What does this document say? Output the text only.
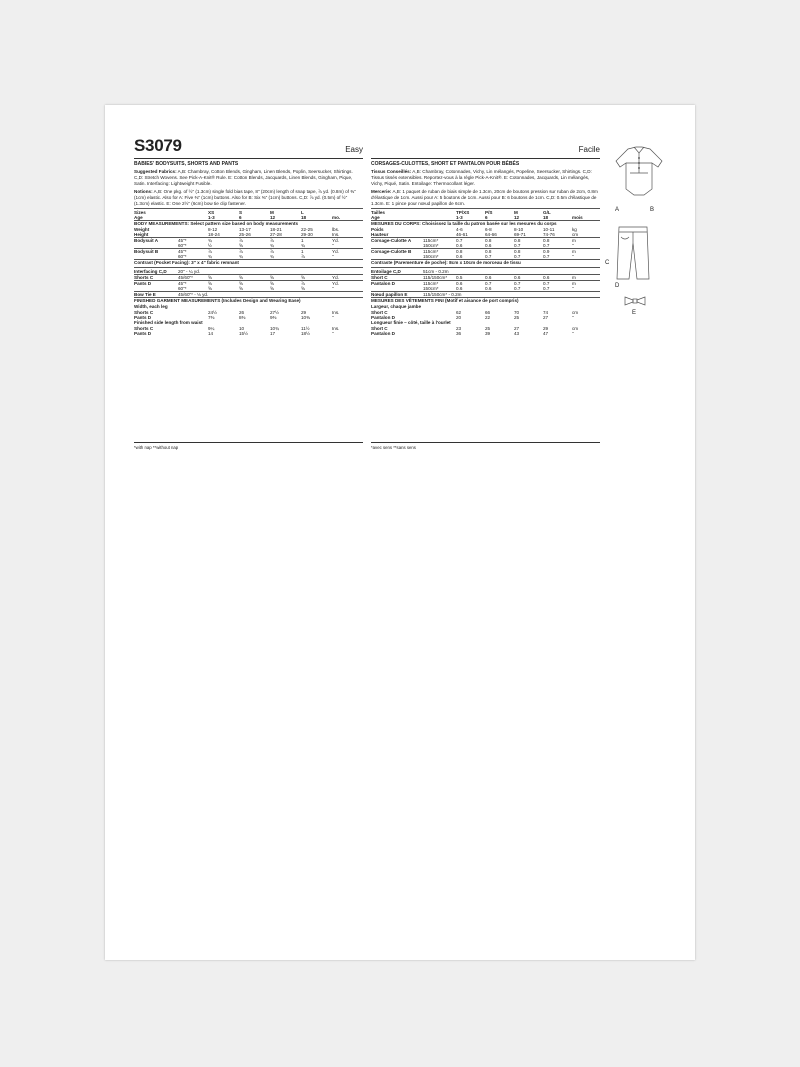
S3079	Easy
BABIES' BODYSUITS, SHORTS AND PANTS
Suggested Fabrics: A,B: Chambray, Cotton Blends, Gingham, Linen Blends, Poplin, Seersucker, Shirtings. C,D: Stretch Wovens. See Pick-A-Knit® Rule. E: Cotton Blends, Jacquards, Linen Blends, Gingham, Pique, Satin. Interfacing: Lightweight Fusible.
Notions: A,B: One pkg. of ½" (1.3cm) single fold bias tape, 8" (20cm) length of snap tape, ⅞ yd. (0.8m) of ⅜" (1cm) elastic. Also for A: Five ⅜" (1cm) buttons. Also for B: Six ⅜" (1cm) buttons. C,D: ⅞ yd. (0.5m) of ½" (1.3cm) elastic. E: One 2½" (6cm) bow tie clip fastener.
Sizes		XS	S	M	L	
Age		1-3	6	12	18	mo.
BODY MEASUREMENTS: Select pattern size based on body measurements
Weight		8-12	13-17	18-21	22-25	lbs.
Height		18-24	25-26	27-28	29-30	Ins.
Bodysuit A	45"*	¾	⅞	⅞	1	Yd.
	60"*	½	⅝	¾	¾	"
Bodysuit B	45"*	⅞	⅞	⅞	1	Yd.
	60"*	¾	¾	¾	⅞	"
Contrast (Pocket Facing): 3" x 4" fabric remnant
Interfacing C,D	20" - ¼ yd.
Shorts C	45/60"*	⅝	⅝	⅝	⅝	Yd.
Pants D	45"*	⅝	⅝	⅝	⅞	Yd.
	60"*	⅝	⅝	⅝	⅝	"
Bow Tie E	45/60"* - ⅛ yd.
FINISHED GARMENT MEASUREMENTS (Includes Design and Wearing Ease)
Width, each leg
Shorts C		24½	26	27½	29	Ins.
Pants D		7⅜	8⅜	9⅜	10⅜	"
Finished side length from waist
Shorts C		9¼	10	10¾	11½	Ins.
Pants D		14	15½	17	18½	"
Facile
CORSAGES-CULOTTES, SHORT ET PANTALON POUR BÉBÉS
Tissus Conseillés: A,B: Chambray, Cotonnades, Vichy, Lin mélangés, Popeline, Seersucker, Shirtings. C,D: Tissus tissés extensibles. Reportez-vous à la règle Pick-A-Knit®. E: Cotonnades, Jacquards, Lin mélangés, Vichy, Piqué, Satin. Entoilage: Thermocollant léger.
Mercerie: A,B: 1 paquet de ruban de biais simple de 1.3cm, 20cm de boutons pression sur ruban de 2cm, 0.8m d'élastique de 1cm. Aussi pour A: 5 boutons de 1cm. Aussi pour B: 6 boutons de 1cm. C,D: 0.5m d'élastique de 1.3cm. E: 1 pince pour nœud papillon de 6cm.
Tailles		TP/XS	P/S	M	G/L	
Age		1-3	6	12	18	mois
MESURES DU CORPS: Choisissez la taille du patron basée sur les mesures du corps
Poids		4-6	6-8	8-10	10-11	kg
Hauteur		46-61	64-66	69-71	74-76	cm
Corsage-Culotte A	115cm*	0.7	0.8	0.8	0.8	m
	150cm*	0.6	0.6	0.7	0.7	"
Corsage-Culotte B	115cm*	0.8	0.8	0.8	0.9	m
	150cm*	0.6	0.7	0.7	0.7	"
Contraste (Parementure de poche): 8cm x 10cm de morceau de tissu
Entoilage C,D	51cm - 0.2m
Short C	115/150cm*	0.5	0.6	0.6	0.6	m
Pantalon D	115cm*	0.6	0.7	0.7	0.7	m
	150cm*	0.6	0.6	0.7	0.7	"
Nœud papillon E	115/150cm* - 0.2m
MESURES DES VÊTEMENTS FINI (Motif et aisance de port compris)
Largeur, chaque jambe
Short C		62	66	70	74	cm
Pantalon D		20	22	25	27	"
Longueur finie – côté, taille à l'ourlet
Short C		23	25	27	29	cm
Pantalon D		36	39	43	47	"
*with nap **without nap	*avec sens **sans sens
A	B
C
D
E
